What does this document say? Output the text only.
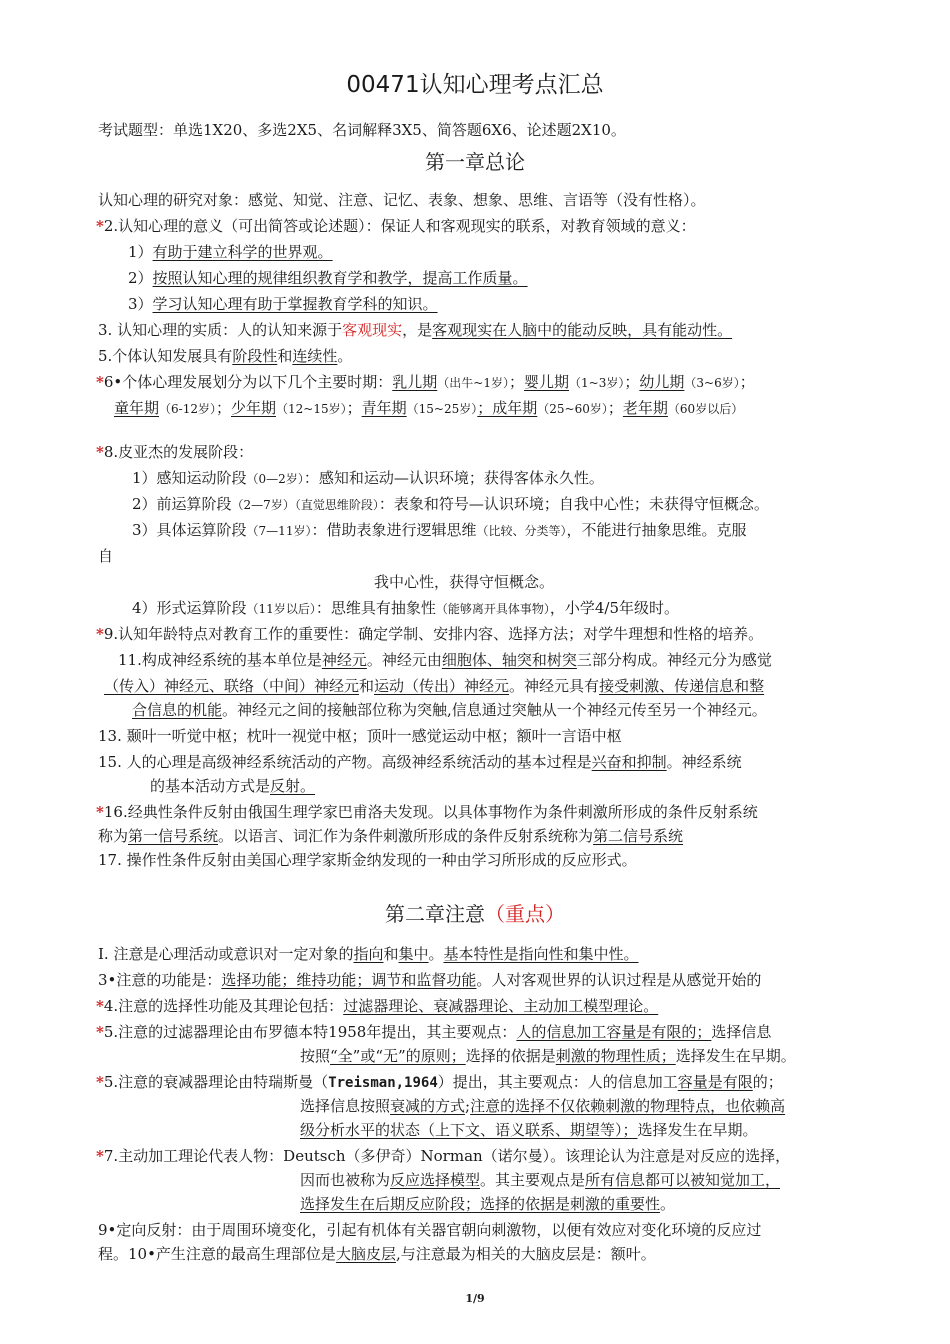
00471认知心理考点汇总
考试题型：单选1X20、多选2X5、名词解释3X5、简答题6X6、论述题2X10。
第一章总论
认知心理的研究对象：感觉、知觉、注意、记忆、表象、想象、思维、言语等（没有性格）。
*2.认知心理的意义（可出简答或论述题）：保证人和客观现实的联系，对教育领域的意义：
1）有助于建立科学的世界观。
2）按照认知心理的规律组织教育学和教学，提高工作质量。
3）学习认知心理有助于掌握教育学科的知识。
3. 认知心理的实质：人的认知来源于客观现实，是客观现实在人脑中的能动反映，具有能动性。
5.个体认知发展具有阶段性和连续性。
*6•个体心理发展划分为以下几个主要时期：乳儿期（出牛~1岁）；婴儿期（1~3岁）；幼儿期（3~6岁）；
童年期（6-12岁）；少年期（12~15岁）；青年期（15~25岁）；成年期（25~60岁）；老年期（60岁以后）
*8.皮亚杰的发展阶段：
1）感知运动阶段（0—2岁）：感知和运动—认识环境；获得客体永久性。
2）前运算阶段（2—7岁）（直觉思维阶段）：表象和符号—认识环境；自我中心性；未获得守恒概念。
3）具体运算阶段（7—11岁）：借助表象进行逻辑思维（比较、分类等），不能进行抽象思维。克服
自
我中心性，获得守恒概念。
4）形式运算阶段（11岁以后）：思维具有抽象性（能够离开具体事物），小学4/5年级时。
*9.认知年龄特点对教育工作的重要性：确定学制、安排内容、选择方法；对学牛理想和性格的培养。
11.构成神经系统的基本单位是神经元。神经元由细胞体、轴突和树突三部分构成。神经元分为感觉
（传入）神经元、联络（中间）神经元和运动（传出）神经元。神经元具有接受刺激、传递信息和整
合信息的机能。神经元之间的接触部位称为突触,信息通过突触从一个神经元传至另一个神经元。
13. 颞叶一听觉中枢；枕叶一视觉中枢；顶叶一感觉运动中枢；额叶一言语中枢
15. 人的心理是高级神经系统活动的产物。高级神经系统活动的基本过程是兴奋和抑制。神经系统
的基本活动方式是反射。
*16.经典性条件反射由俄国生理学家巴甫洛夫发现。以具体事物作为条件刺激所形成的条件反射系统
称为第一信号系统。以语言、词汇作为条件刺激所形成的条件反射系统称为第二信号系统
17. 操作性条件反射由美国心理学家斯金纳发现的一种由学习所形成的反应形式。
第二章注意（重点）
I. 注意是心理活动或意识对一定对象的指向和集中。基本特性是指向性和集中性。
3•注意的功能是：选择功能；维持功能；调节和监督功能。人对客观世界的认识过程是从感觉开始的
*4.注意的选择性功能及其理论包括：过滤器理论、衰减器理论、主动加工模型理论。
*5.注意的过滤器理论由布罗德本特1958年提出，其主要观点：人的信息加工容量是有限的；选择信息
按照“全”或“无”的原则；选择的依据是刺激的物理性质；选择发生在早期。
*5.注意的衰减器理论由特瑞斯曼（Treisman,1964）提出，其主要观点：人的信息加工容量是有限的；
选择信息按照衰减的方式;注意的选择不仅依赖刺激的物理特点，也依赖高
级分析水平的状态（上下文、语义联系、期望等）；选择发生在早期。
*7.主动加工理论代表人物：Deutsch（多伊奇）Norman（诺尔曼）。该理论认为注意是对反应的选择，
因而也被称为反应选择模型。其主要观点是所有信息都可以被知觉加工，
选择发生在后期反应阶段；选择的依据是刺激的重要性。
9•定向反射：由于周围环境变化，引起有机体有关器官朝向刺激物，以便有效应对变化环境的反应过
程。10•产生注意的最高生理部位是大脑皮层,与注意最为相关的大脑皮层是：额叶。
1/9
